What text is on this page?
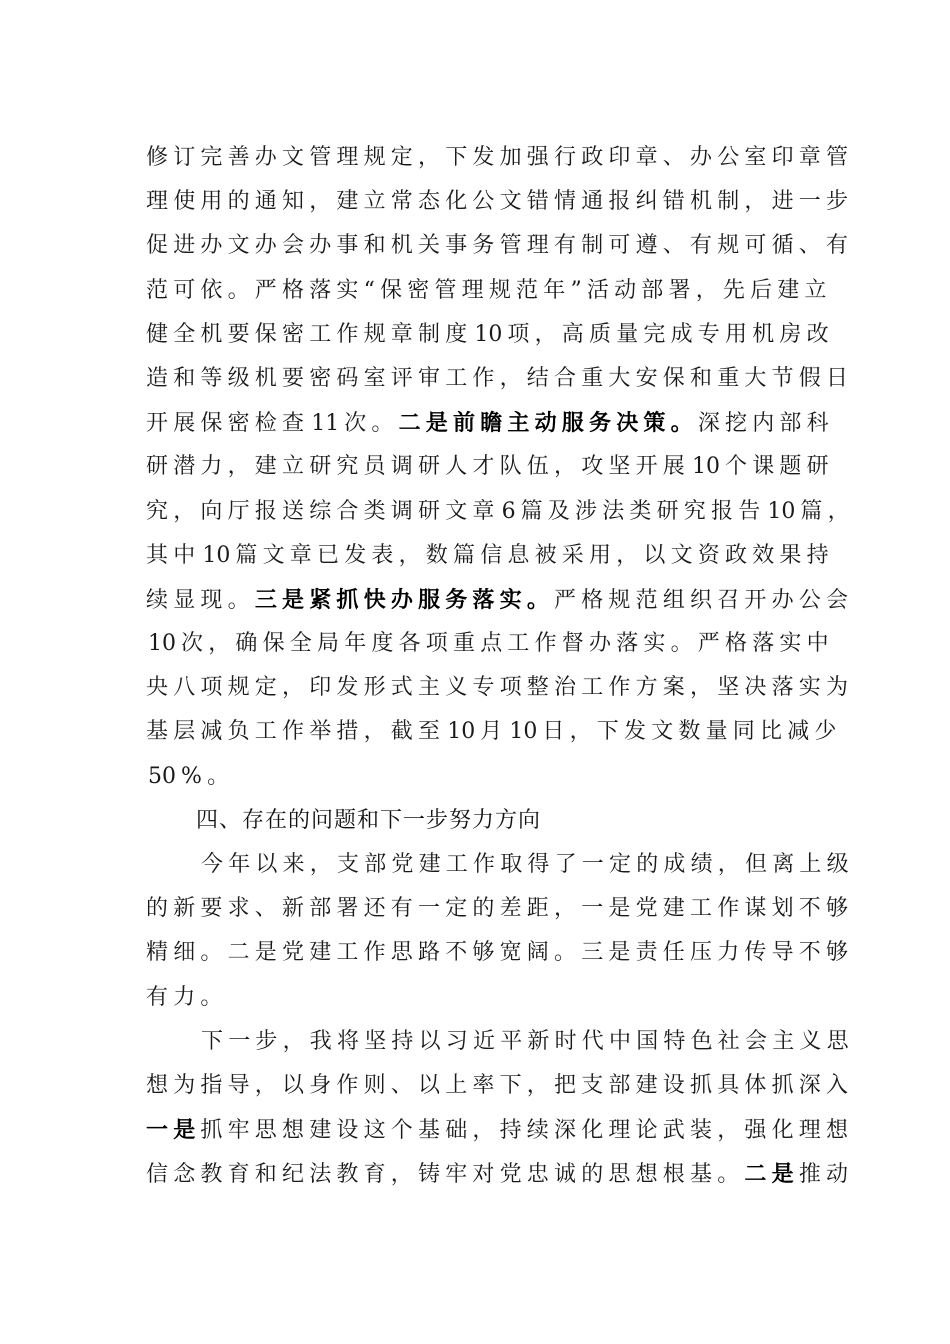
修订完善办文管理规定，下发加强行政印章、办公室印章管
理使用的通知，建立常态化公文错情通报纠错机制，进一步
促进办文办会办事和机关事务管理有制可遵、有规可循、有
范可依。严格落实“保密管理规范年”活动部署，先后建立
健全机要保密工作规章制度10 项，高质量完成专用机房改
造和等级机要密码室评审工作，结合重大安保和重大节假日
开展保密检查11 次。二是前瞻主动服务决策。深挖内部科
研潜力，建立研究员调研人才队伍，攻坚开展10 个课题研
究，向厅报送综合类调研文章6 篇及涉法类研究报告10 篇，
其中10 篇文章已发表，数篇信息被采用，以文资政效果持
续显现。三是紧抓快办服务落实。严格规范组织召开办公会
10 次，确保全局年度各项重点工作督办落实。严格落实中
央八项规定，印发形式主义专项整治工作方案，坚决落实为
基层减负工作举措，截至10 月10 日，下发文数量同比减少
50 %。
四、存在的问题和下一步努力方向
今年以来，支部党建工作取得了一定的成绩，但离上级
的新要求、新部署还有一定的差距，一是党建工作谋划不够
精细。二是党建工作思路不够宽阔。三是责任压力传导不够
有力。
下一步，我将坚持以习近平新时代中国特色社会主义思
想为指导，以身作则、以上率下，把支部建设抓具体抓深入
一是抓牢思想建设这个基础，持续深化理论武装，强化理想
信念教育和纪法教育，铸牢对党忠诚的思想根基。二是推动
